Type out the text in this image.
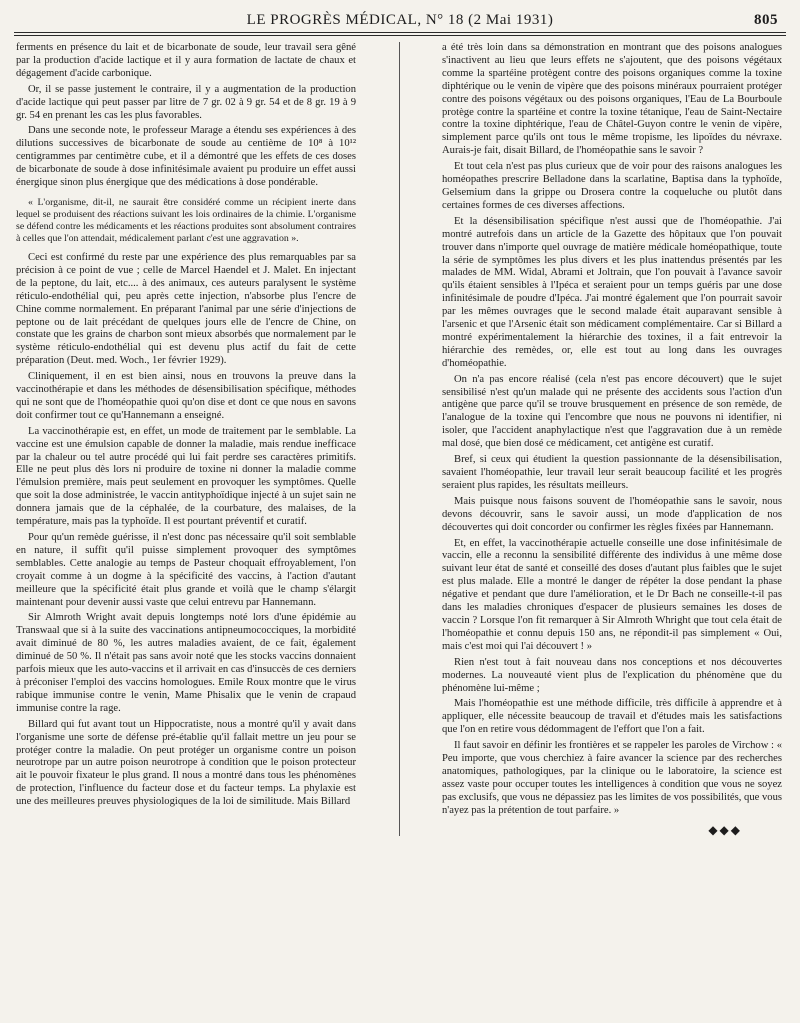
LE PROGRÈS MÉDICAL, N° 18 (2 Mai 1931)	805

ferments en présence du lait et de bicarbonate de soude, leur travail sera gêné par la production d'acide lactique et il y aura formation de lactate de chaux et dégagement d'acide carbonique.

Or, il se passe justement le contraire, il y a augmentation de la production d'acide lactique qui peut passer par litre de 7 gr. 02 à 9 gr. 54 et de 8 gr. 19 à 9 gr. 54 en prenant les cas les plus favorables.

Dans une seconde note, le professeur Marage a étendu ses expériences à des dilutions successives de bicarbonate de soude au centième de 10⁸ à 10¹² centigrammes par centimètre cube, et il a démontré que les effets de ces doses de bicarbonate de soude à dose infinitésimale avaient pu produire un effet aussi énergique sinon plus énergique que des médications à dose pondérable.

« L'organisme, dit-il, ne saurait être considéré comme un récipient inerte dans lequel se produisent des réactions suivant les lois ordinaires de la chimie. L'organisme se défend contre les médicaments et les réactions produites sont absolument contraires à celles que l'on attendait, médicalement parlant c'est une aggravation ».

Ceci est confirmé du reste par une expérience des plus remarquables par sa précision à ce point de vue ; celle de Marcel Haendel et J. Malet. En injectant de la peptone, du lait, etc.... à des animaux, ces auteurs paralysent le système réticulo-endothélial qui, peu après cette injection, n'absorbe plus l'encre de Chine comme normalement. En préparant l'animal par une série d'injections de peptone ou de lait précédant de quelques jours elle de l'encre de Chine, on constate que les grains de charbon sont mieux absorbés que normalement par le système réticulo-endothélial qui est devenu plus actif du fait de cette préparation (Deut. med. Woch., 1er février 1929).

Cliniquement, il en est bien ainsi, nous en trouvons la preuve dans la vaccinothérapie et dans les méthodes de désensibilisation spécifique, méthodes qui ne sont que de l'homéopathie quoi qu'on dise et dont ce que nous en savons doit confirmer tout ce qu'Hannemann a enseigné.

La vaccinothérapie est, en effet, un mode de traitement par le semblable. La vaccine est une émulsion capable de donner la maladie, mais rendue inefficace par la chaleur ou tel autre procédé qui lui fait perdre ses caractères primitifs. Elle ne peut plus dès lors ni produire de toxine ni donner la maladie comme l'émulsion première, mais peut seulement en provoquer les symptômes. Quelle que soit la dose administrée, le vaccin antityphoïdique injecté à un sujet sain ne donnera jamais que de la céphalée, de la courbature, des malaises, de la température, mais pas la typhoïde. Il est pourtant préventif et curatif.

Pour qu'un remède guérisse, il n'est donc pas nécessaire qu'il soit semblable en nature, il suffit qu'il puisse simplement provoquer des symptômes semblables. Cette analogie au temps de Pasteur choquait effroyablement, l'on croyait comme à un dogme à la spécificité des vaccins, à l'action d'autant meilleure que la spécificité était plus grande et voilà que le champ s'élargit maintenant pour devenir aussi vaste que celui entrevu par Hannemann.

Sir Almroth Wright avait depuis longtemps noté lors d'une épidémie au Transwaal que si à la suite des vaccinations antipneumococciques, la morbidité avait diminué de 80 %, les autres maladies avaient, de ce fait, également diminué de 50 %. Il n'était pas sans avoir noté que les stocks vaccins donnaient parfois mieux que les auto-vaccins et il arrivait en cas d'insuccès de ces derniers à préconiser l'emploi des vaccins homologues. Emile Roux montre que le virus rabique immunise contre le venin, Mame Phisalix que le venin de crapaud immunise contre la rage.

Billard qui fut avant tout un Hippocratiste, nous a montré qu'il y avait dans l'organisme une sorte de défense pré-établie qu'il fallait mettre un jeu pour se protéger contre la maladie. On peut protéger un organisme contre un poison neurotrope par un autre poison neurotrope à condition que le poison protecteur ait le pouvoir fixateur le plus grand. Il nous a montré dans tous les phénomènes de protection, l'influence du facteur dose et du facteur temps. La phylaxie est une des meilleures preuves physiologiques de la loi de similitude. Mais Billard

a été très loin dans sa démonstration en montrant que des poisons analogues s'inactivent au lieu que leurs effets ne s'ajoutent, que des poisons végétaux comme la spartéine protègent contre des poisons organiques comme la toxine diphtérique ou le venin de vipère que des poisons minéraux pourraient protéger contre des poisons végétaux ou des poisons organiques, l'Eau de La Bourboule protège contre la spartéine et contre la toxine tétanique, l'eau de Saint-Nectaire contre la toxine diphtérique, l'eau de Châtel-Guyon contre le venin de vipère, simplement parce qu'ils ont tous le même tropisme, les lipoïdes du névraxe. Aurais-je fait, disait Billard, de l'homéopathie sans le savoir ?

Et tout cela n'est pas plus curieux que de voir pour des raisons analogues les homéopathes prescrire Belladone dans la scarlatine, Baptisa dans la typhoïde, Gelsemium dans la grippe ou Drosera contre la coqueluche ou plutôt dans certaines formes de ces diverses affections.

Et la désensibilisation spécifique n'est aussi que de l'homéopathie. J'ai montré autrefois dans un article de la Gazette des hôpitaux que l'on pouvait trouver dans n'importe quel ouvrage de matière médicale homéopathique, toute la série de symptômes les plus divers et les plus inattendus présentés par les malades de MM. Widal, Abrami et Joltrain, que l'on pouvait à l'avance savoir qu'ils étaient sensibles à l'Ipéca et seraient pour un temps guéris par une dose infinitésimale de poudre d'Ipéca. J'ai montré également que l'on pourrait savoir par les mêmes ouvrages que le second malade était auparavant sensible à l'arsenic et que l'Arsenic était son médicament complémentaire. Car si Billard a montré expérimentalement la hiérarchie des toxines, il a fait entrevoir la hiérarchie des remèdes, or, elle est tout au long dans les ouvrages d'homéopathie.

On n'a pas encore réalisé (cela n'est pas encore découvert) que le sujet sensibilisé n'est qu'un malade qui ne présente des accidents sous l'action d'un antigène que parce qu'il se trouve brusquement en présence de son remède, de l'analogue de la toxine qui l'encombre que nous ne pouvons ni identifier, ni isoler, que l'accident anaphylactique n'est que l'aggravation due à un remède mal dosé, que bien dosé ce médicament, cet antigène est curatif.

Bref, si ceux qui étudient la question passionnante de la désensibilisation, savaient l'homéopathie, leur travail leur serait beaucoup facilité et les progrès seraient plus rapides, les résultats meilleurs.

Mais puisque nous faisons souvent de l'homéopathie sans le savoir, nous devons découvrir, sans le savoir aussi, un mode d'application de nos découvertes qui doit concorder ou confirmer les règles fixées par Hannemann.

Et, en effet, la vaccinothérapie actuelle conseille une dose infinitésimale de vaccin, elle a reconnu la sensibilité différente des individus à une même dose suivant leur état de santé et conseillé des doses d'autant plus faibles que le sujet est plus malade. Elle a montré le danger de répéter la dose pendant la phase négative et pendant que dure l'amélioration, et le Dr Bach ne conseille-t-il pas dans les maladies chroniques d'espacer de plusieurs semaines les doses de vaccin ? Lorsque l'on fit remarquer à Sir Almroth Whright que tout cela était de l'homéopathie et connu depuis 150 ans, ne répondit-il pas simplement « Oui, mais c'est moi qui l'ai découvert ! »

Rien n'est tout à fait nouveau dans nos conceptions et nos découvertes modernes. La nouveauté vient plus de l'explication du phénomène que du phénomène lui-même ;

Mais l'homéopathie est une méthode difficile, très difficile à apprendre et à appliquer, elle nécessite beaucoup de travail et d'études mais les satisfactions que l'on en retire vous dédommagent de l'effort que l'on a fait.

Il faut savoir en définir les frontières et se rappeler les paroles de Virchow : « Peu importe, que vous cherchiez à faire avancer la science par des recherches anatomiques, pathologiques, par la clinique ou le laboratoire, la science est assez vaste pour occuper toutes les intelligences à condition que vous ne soyez pas exclusifs, que vous ne dépassiez pas les limites de vos possibilités, que vous n'ayez pas la prétention de tout parfaire. »

◆◆◆
